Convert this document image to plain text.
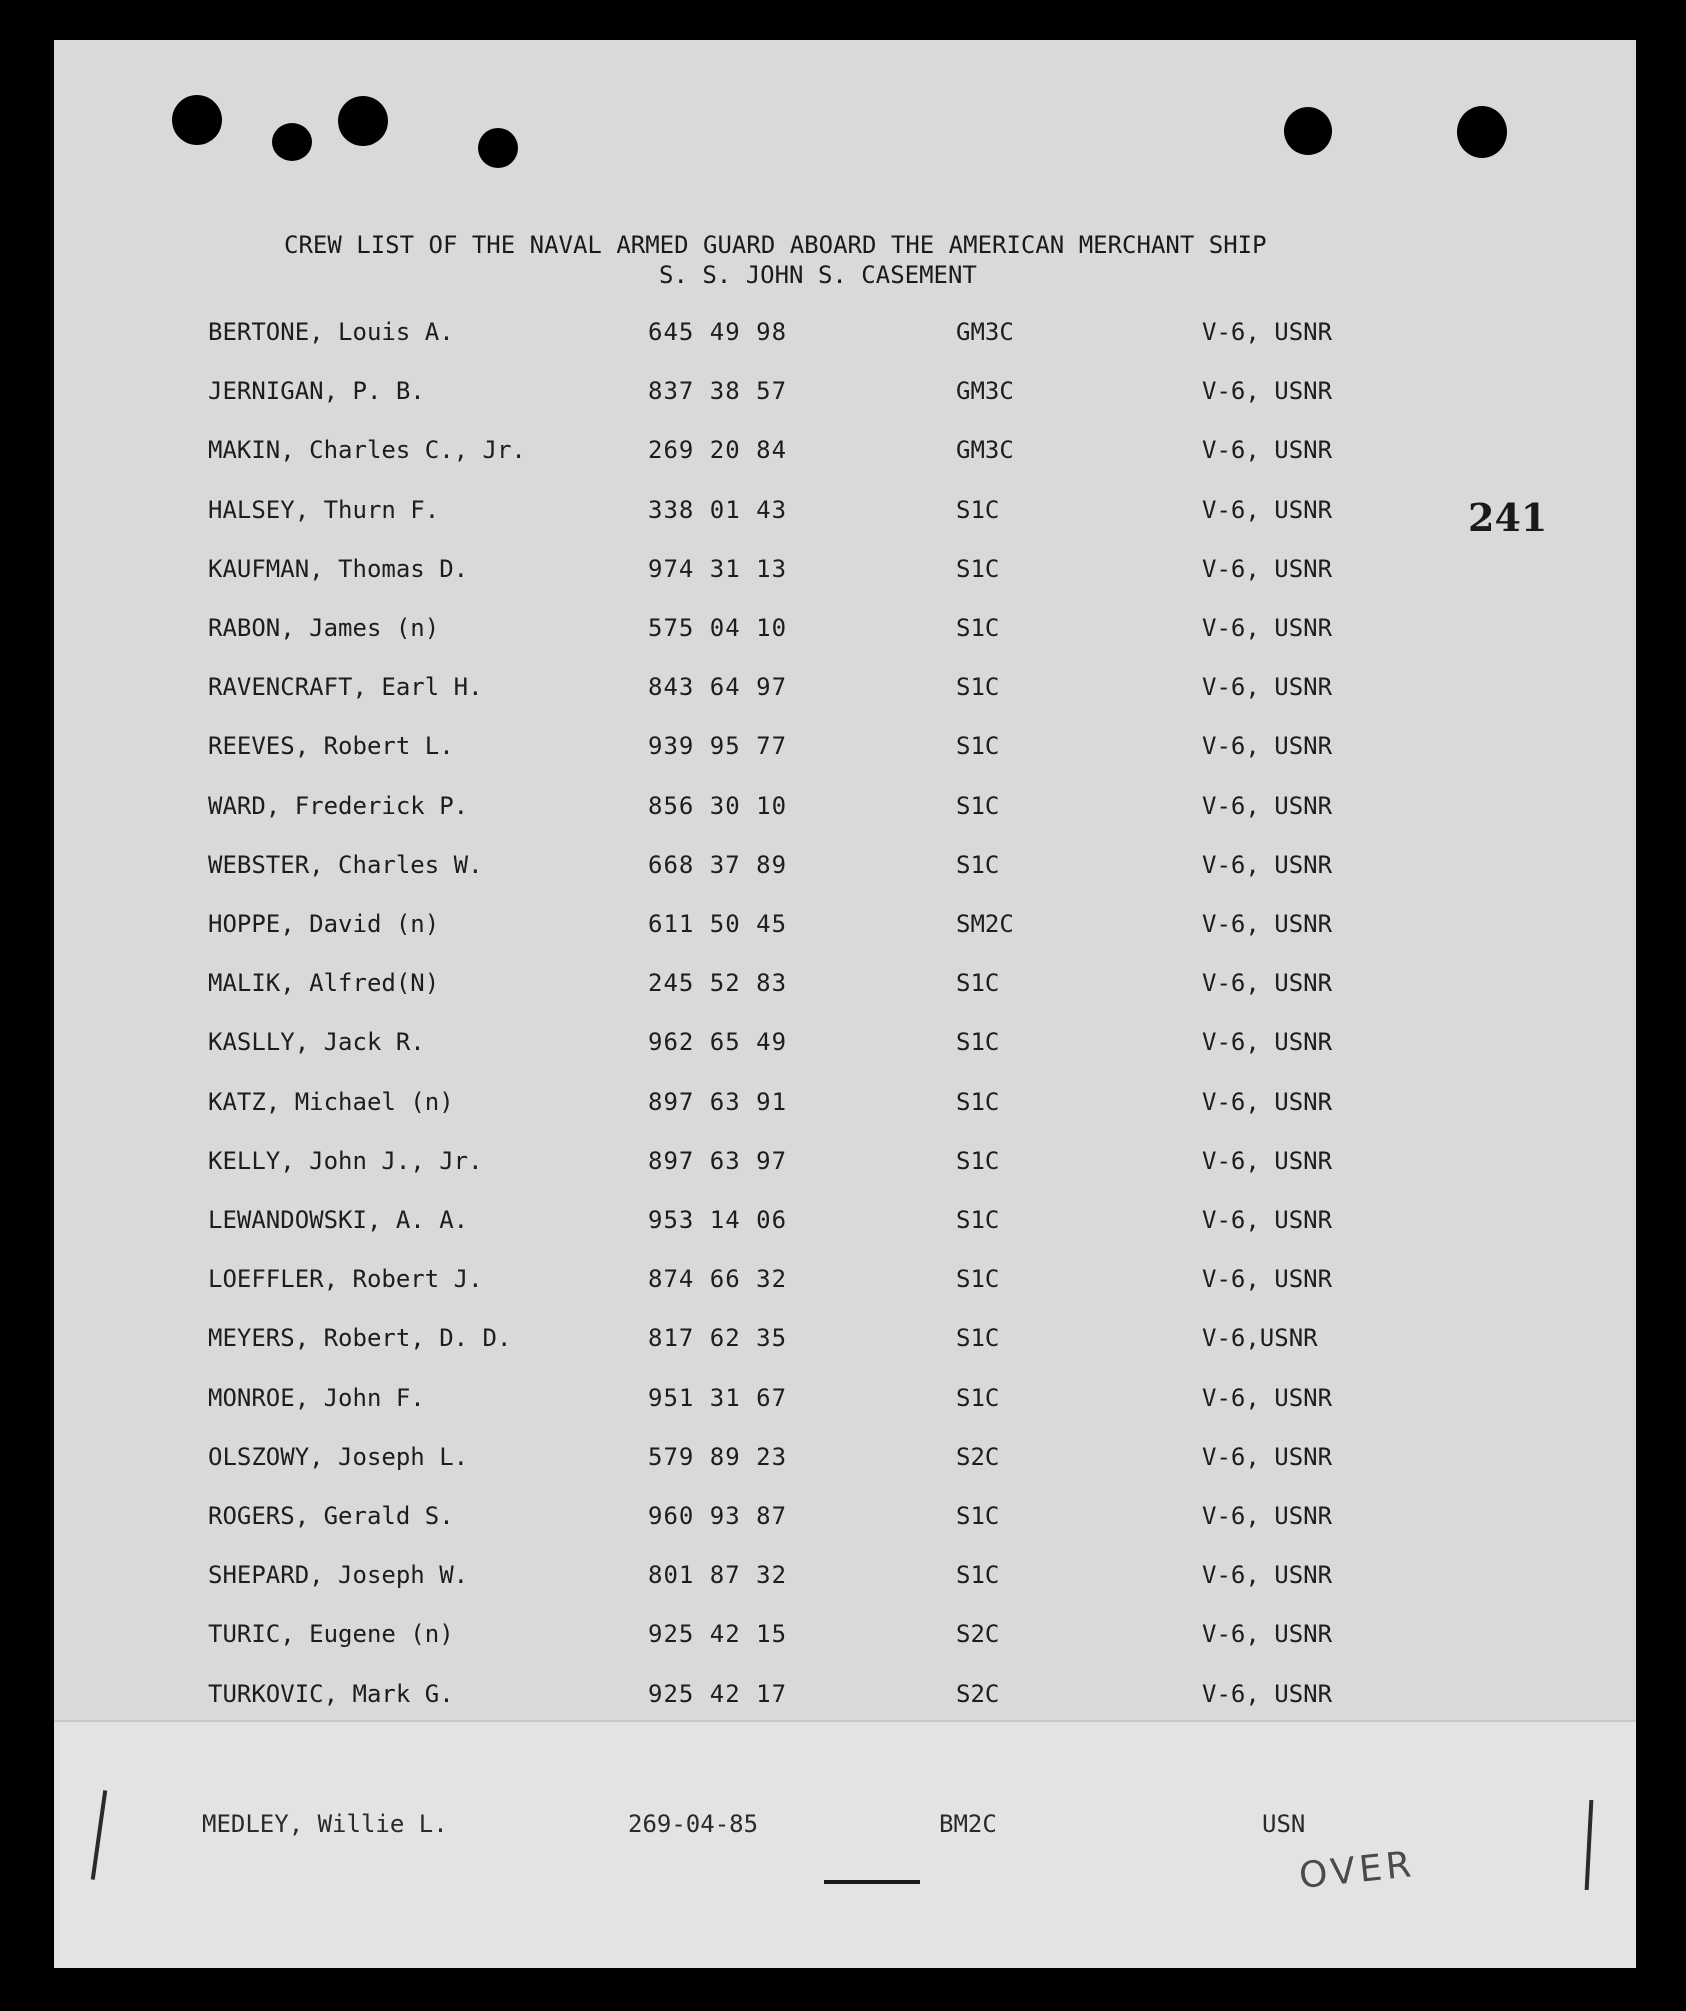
CREW LIST OF THE NAVAL ARMED GUARD ABOARD THE AMERICAN MERCHANT SHIP
S. S. JOHN S. CASEMENT
241
BERTONE, Louis A.	645 49 98	GM3C	V-6, USNR
JERNIGAN, P. B.	837 38 57	GM3C	V-6, USNR
MAKIN, Charles C., Jr.	269 20 84	GM3C	V-6, USNR
HALSEY, Thurn F.	338 01 43	S1C	V-6, USNR
KAUFMAN, Thomas D.	974 31 13	S1C	V-6, USNR
RABON, James (n)	575 04 10	S1C	V-6, USNR
RAVENCRAFT, Earl H.	843 64 97	S1C	V-6, USNR
REEVES, Robert L.	939 95 77	S1C	V-6, USNR
WARD, Frederick P.	856 30 10	S1C	V-6, USNR
WEBSTER, Charles W.	668 37 89	S1C	V-6, USNR
HOPPE, David (n)	611 50 45	SM2C	V-6, USNR
MALIK, Alfred(N)	245 52 83	S1C	V-6, USNR
KASLLY, Jack R.	962 65 49	S1C	V-6, USNR
KATZ, Michael (n)	897 63 91	S1C	V-6, USNR
KELLY, John J., Jr.	897 63 97	S1C	V-6, USNR
LEWANDOWSKI, A. A.	953 14 06	S1C	V-6, USNR
LOEFFLER, Robert J.	874 66 32	S1C	V-6, USNR
MEYERS, Robert, D. D.	817 62 35	S1C	V-6,USNR
MONROE, John F.	951 31 67	S1C	V-6, USNR
OLSZOWY, Joseph L.	579 89 23	S2C	V-6, USNR
ROGERS, Gerald S.	960 93 87	S1C	V-6, USNR
SHEPARD, Joseph W.	801 87 32	S1C	V-6, USNR
TURIC, Eugene (n)	925 42 15	S2C	V-6, USNR
TURKOVIC, Mark G.	925 42 17	S2C	V-6, USNR
MEDLEY, Willie L.	269-04-85	BM2C	USN
OVER
